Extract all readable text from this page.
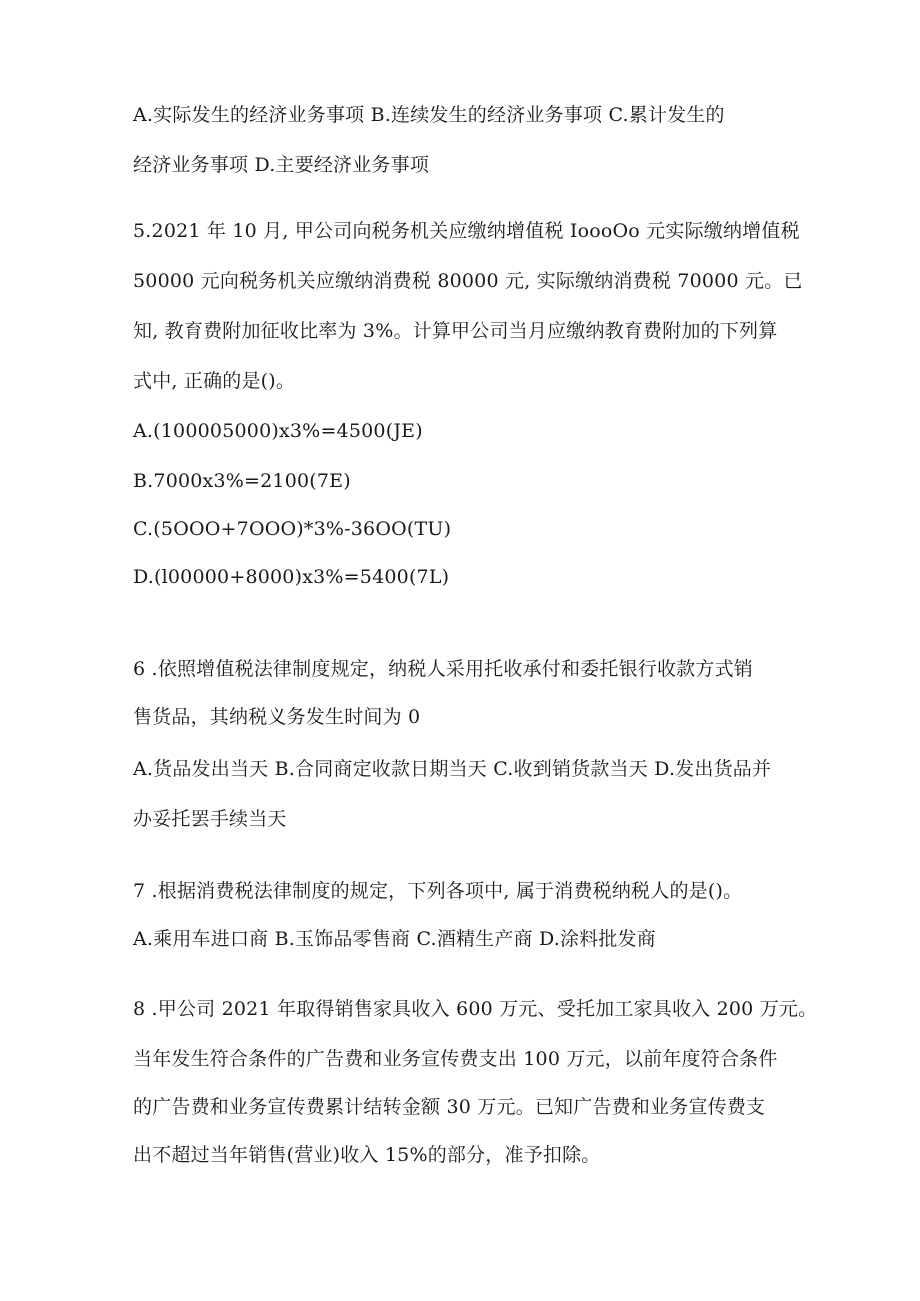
A.实际发生的经济业务事项 B.连续发生的经济业务事项 C.累计发生的
经济业务事项 D.主要经济业务事项
5.2021 年 10 月, 甲公司向税务机关应缴纳增值税 IoooOo 元实际缴纳增值税
50000 元向税务机关应缴纳消费税 80000 元, 实际缴纳消费税 70000 元。已
知, 教育费附加征收比率为 3%。计算甲公司当月应缴纳教育费附加的下列算
式中, 正确的是()。
A.(100005000)x3%=4500(JE)
B.7000x3%=2100(7E)
C.(5OOO+7OOO)*3%-36OO(TU)
D.(l00000+8000)x3%=5400(7L)
6 .依照增值税法律制度规定，纳税人采用托收承付和委托银行收款方式销
售货品，其纳税义务发生时间为 0
A.货品发出当天 B.合同商定收款日期当天 C.收到销货款当天 D.发出货品并
办妥托罢手续当天
7 .根据消费税法律制度的规定，下列各项中, 属于消费税纳税人的是()。
A.乘用车进口商 B.玉饰品零售商 C.酒精生产商 D.涂料批发商
8 .甲公司 2021 年取得销售家具收入 600 万元、受托加工家具收入 200 万元。
当年发生符合条件的广告费和业务宣传费支出 100 万元，以前年度符合条件
的广告费和业务宣传费累计结转金额 30 万元。已知广告费和业务宣传费支
出不超过当年销售(营业)收入 15%的部分，准予扣除。
